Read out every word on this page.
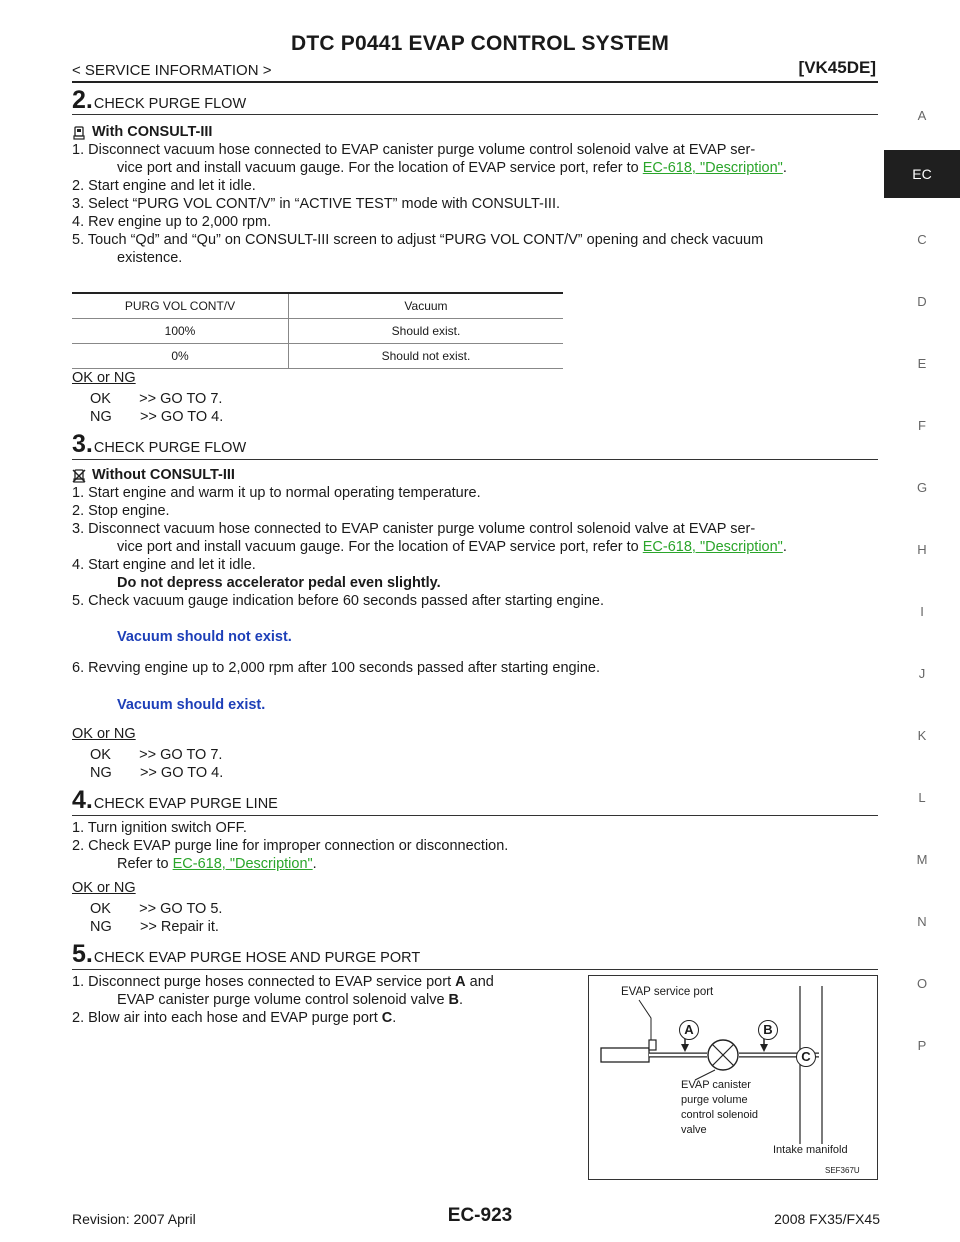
DTC P0441 EVAP CONTROL SYSTEM
< SERVICE INFORMATION >	[VK45DE]
A
EC
C
D
E
F
G
H
I
J
K
L
M
N
O
P
2. CHECK PURGE FLOW
With CONSULT-III
1. Disconnect vacuum hose connected to EVAP canister purge volume control solenoid valve at EVAP ser-
vice port and install vacuum gauge. For the location of EVAP service port, refer to EC-618, "Description".
2. Start engine and let it idle.
3. Select “PURG VOL CONT/V” in “ACTIVE TEST” mode with CONSULT-III.
4. Rev engine up to 2,000 rpm.
5. Touch “Qd” and “Qu” on CONSULT-III screen to adjust “PURG VOL CONT/V” opening and check vacuum
existence.
PURG VOL CONT/V	Vacuum
100%	Should exist.
0%	Should not exist.
OK or NG
OK       >> GO TO 7.
NG       >> GO TO 4.
3. CHECK PURGE FLOW
Without CONSULT-III
1. Start engine and warm it up to normal operating temperature.
2. Stop engine.
3. Disconnect vacuum hose connected to EVAP canister purge volume control solenoid valve at EVAP ser-
vice port and install vacuum gauge. For the location of EVAP service port, refer to EC-618, "Description".
4. Start engine and let it idle.
Do not depress accelerator pedal even slightly.
5. Check vacuum gauge indication before 60 seconds passed after starting engine.
Vacuum should not exist.
6. Revving engine up to 2,000 rpm after 100 seconds passed after starting engine.
Vacuum should exist.
OK or NG
OK       >> GO TO 7.
NG       >> GO TO 4.
4. CHECK EVAP PURGE LINE
1. Turn ignition switch OFF.
2. Check EVAP purge line for improper connection or disconnection.
Refer to EC-618, "Description".
OK or NG
OK       >> GO TO 5.
NG       >> Repair it.
5. CHECK EVAP PURGE HOSE AND PURGE PORT
1. Disconnect purge hoses connected to EVAP service port A and
EVAP canister purge volume control solenoid valve B.
2. Blow air into each hose and EVAP purge port C.
EVAP service port
A	B
C
EVAP canister
purge volume
control solenoid
valve
Intake manifold
SEF367U
Revision: 2007 April	EC-923	2008 FX35/FX45
